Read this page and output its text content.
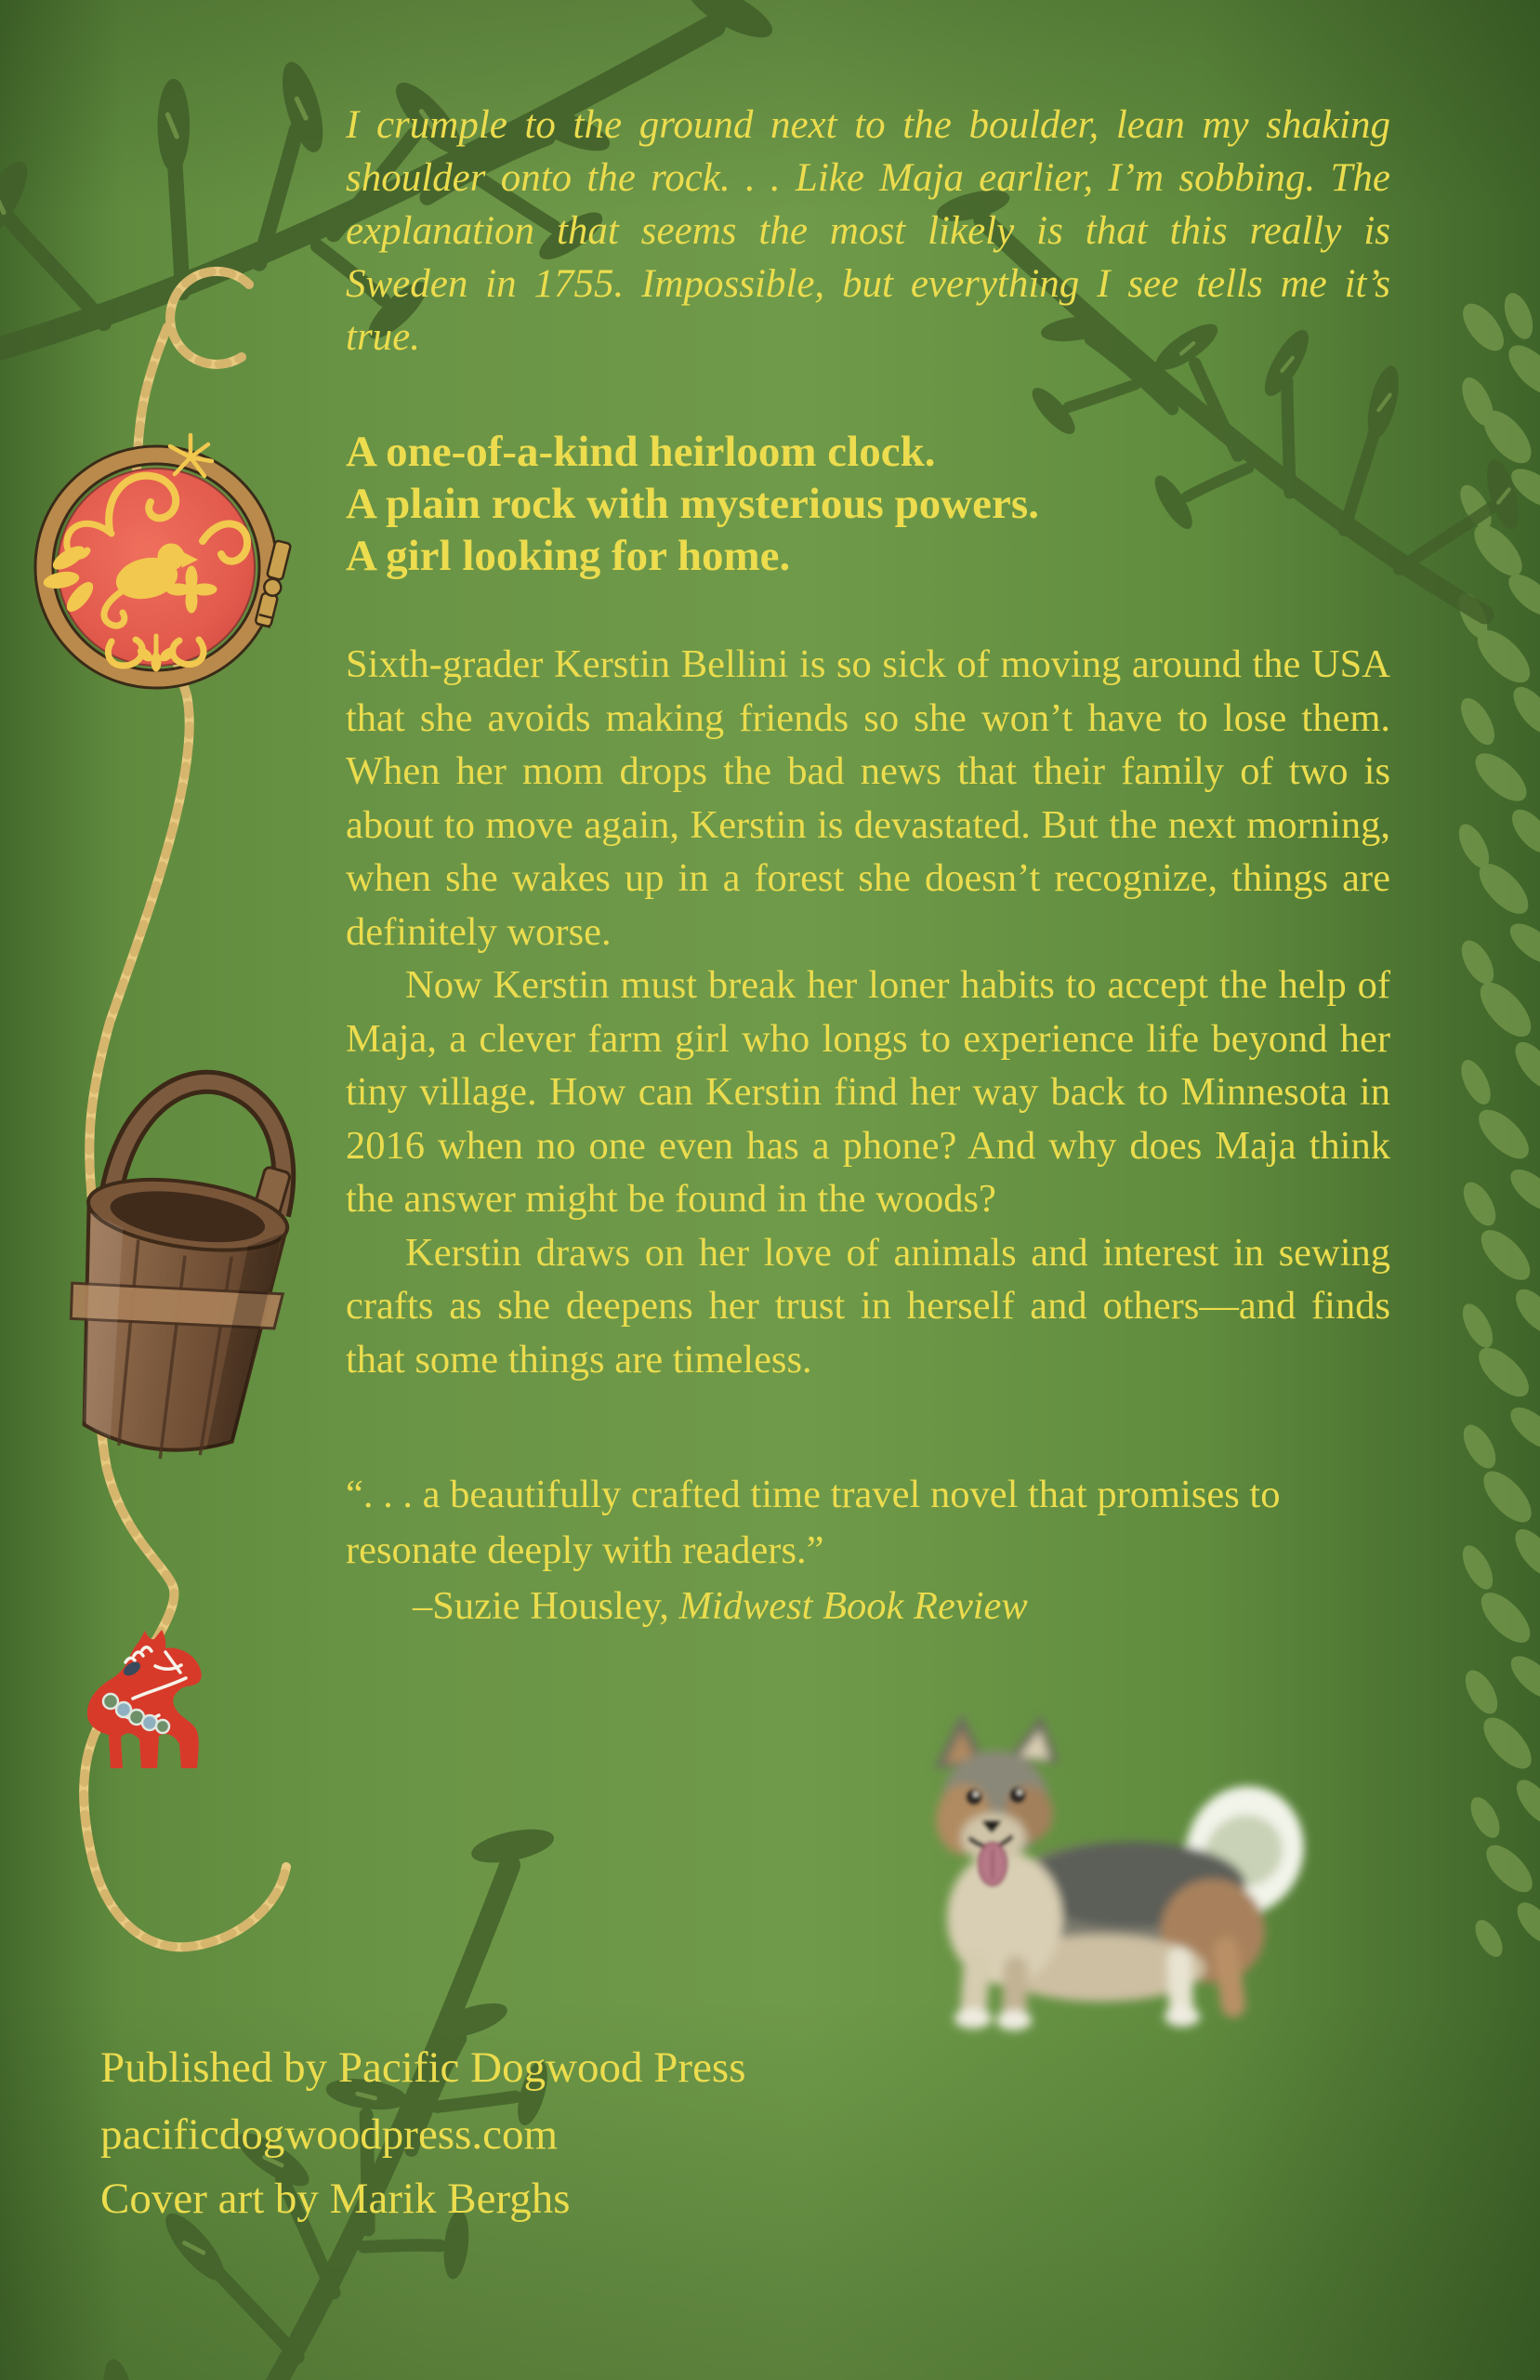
I crumple to the ground next to the boulder, lean my shaking shoulder onto the rock. . . Like Maja earlier, I’m sobbing. The explanation that seems the most likely is that this really is Sweden in 1755. Impossible, but everything I see tells me it’s true.
A one-of-a-kind heirloom clock.
A plain rock with mysterious powers.
A girl looking for home.

Sixth-grader Kerstin Bellini is so sick of moving around the USA that she avoids making friends so she won’t have to lose them. When her mom drops the bad news that their family of two is about to move again, Kerstin is devastated. But the next morning, when she wakes up in a forest she doesn’t recognize, things are definitely worse.

Now Kerstin must break her loner habits to accept the help of Maja, a clever farm girl who longs to experience life beyond her tiny village. How can Kerstin find her way back to Minnesota in 2016 when no one even has a phone? And why does Maja think the answer might be found in the woods?

Kerstin draws on her love of animals and interest in sewing crafts as she deepens her trust in herself and others—and finds that some things are timeless.

“. . . a beautifully crafted time travel novel that promises to resonate deeply with readers.”
–Suzie Housley, Midwest Book Review
Published by Pacific Dogwood Press
pacificdogwoodpress.com
Cover art by Marik Berghs
